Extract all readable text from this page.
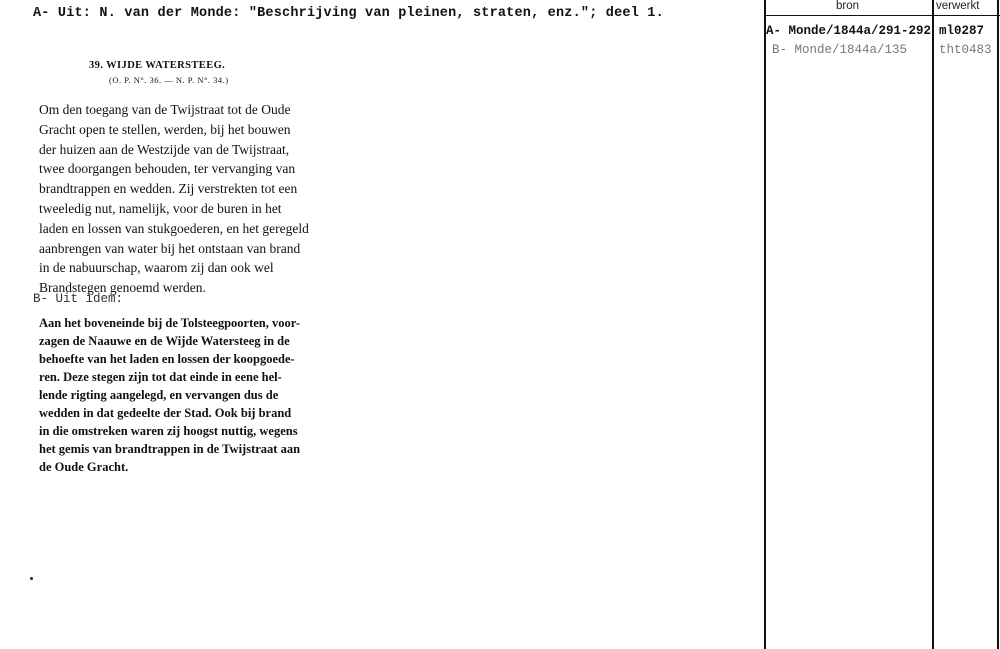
A- Uit: N. van der Monde: "Beschrijving van pleinen, straten, enz."; deel 1.
39. WIJDE WATERSTEEG.
(O. P. N°. 36. — N. P. N°. 34.)
Om den toegang van de Twijstraat tot de Oude
Gracht open te stellen, werden, bij het bouwen
der huizen aan de Westzijde van de Twijstraat,
twee doorgangen behouden, ter vervanging van
brandtrappen en wedden. Zij verstrekten tot een
tweeledig nut, namelijk, voor de buren in het
laden en lossen van stukgoederen, en het geregeld
aanbrengen van water bij het ontstaan van brand
in de nabuurschap, waarom zij dan ook wel
Brandstegen genoemd werden.
B- Uit idem:
Aan het boveneinde bij de Tolsteegpoorten, voor-
zagen de Naauwe en de Wijde Watersteeg in de
behoefte van het laden en lossen der koopgoede-
ren. Deze stegen zijn tot dat einde in eene hel-
lende rigting aangelegd, en vervangen dus de
wedden in dat gedeelte der Stad. Ook bij brand
in die omstreken waren zij hoogst nuttig, wegens
het gemis van brandtrappen in de Twijstraat aan
de Oude Gracht.
bron	verwerkt
A- Monde/1844a/291-292 ml0287
B- Monde/1844a/135	tht0483
